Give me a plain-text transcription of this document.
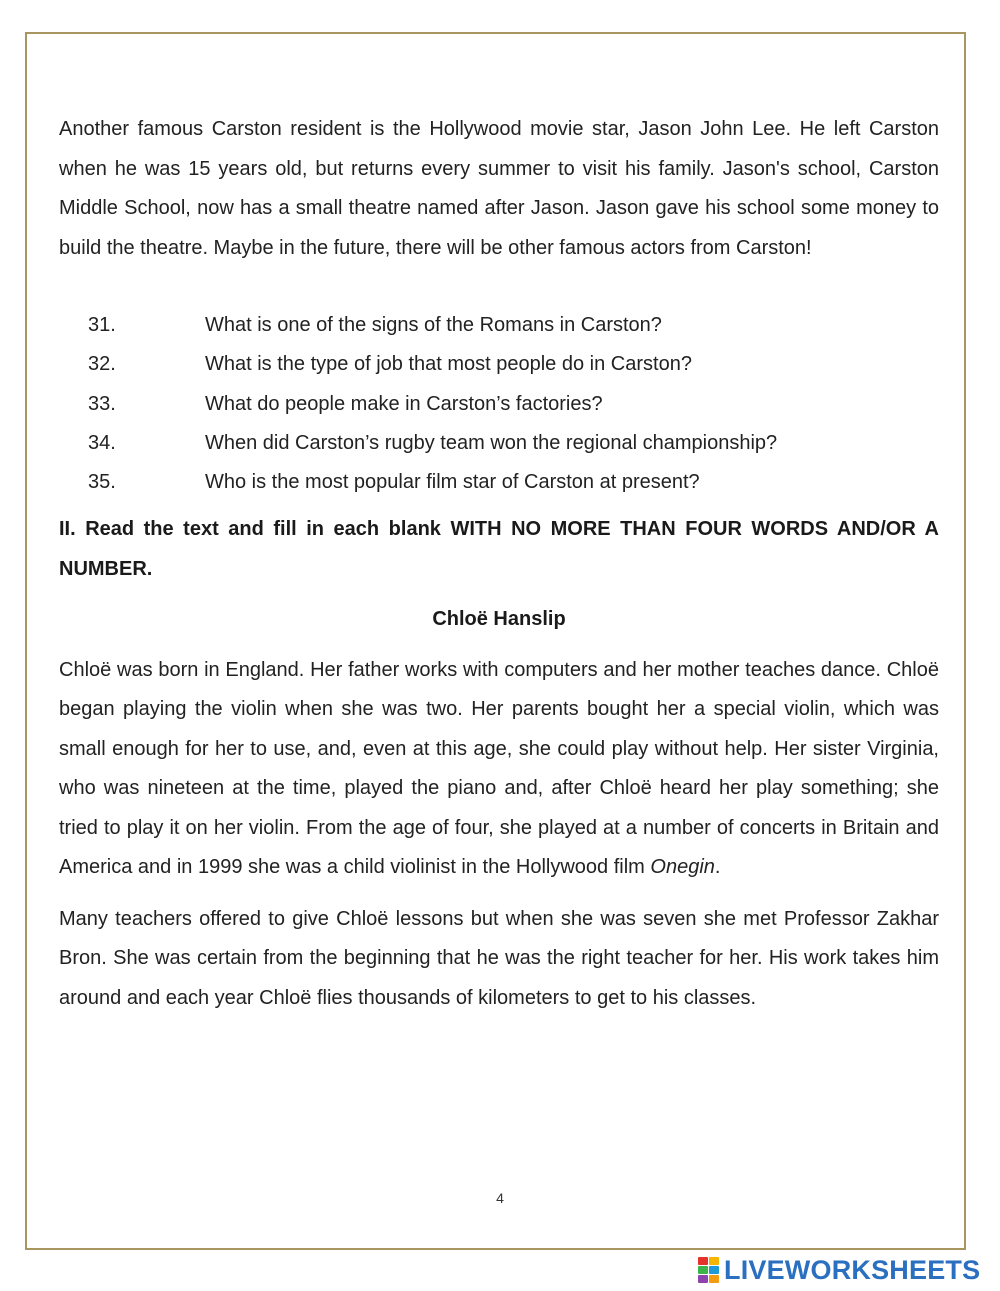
Another famous Carston resident is the Hollywood movie star, Jason John Lee. He left Carston when he was 15 years old, but returns every summer to visit his family. Jason's school, Carston Middle School, now has a small theatre named after Jason. Jason gave his school some money to build the theatre. Maybe in the future, there will be other famous actors from Carston!

31.	What is one of the signs of the Romans in Carston?
32.	What is the type of job that most people do in Carston?
33.	What do people make in Carston’s factories?
34.	When did Carston’s rugby team won the regional championship?
35.	Who is the most popular film star of Carston at present?

II. Read the text and fill in each blank WITH NO MORE THAN FOUR WORDS AND/OR A NUMBER.

Chloë Hanslip

Chloë was born in England. Her father works with computers and her mother teaches dance. Chloë began playing the violin when she was two. Her parents bought her a special violin, which was small enough for her to use, and, even at this age, she could play without help. Her sister Virginia, who was nineteen at the time, played the piano and, after Chloë heard her play something; she tried to play it on her violin. From the age of four, she played at a number of concerts in Britain and America and in 1999 she was a child violinist in the Hollywood film Onegin.

Many teachers offered to give Chloë lessons but when she was seven she met Professor Zakhar Bron. She was certain from the beginning that he was the right teacher for her. His work takes him around and each year Chloë flies thousands of kilometers to get to his classes.

4
LIVEWORKSHEETS
